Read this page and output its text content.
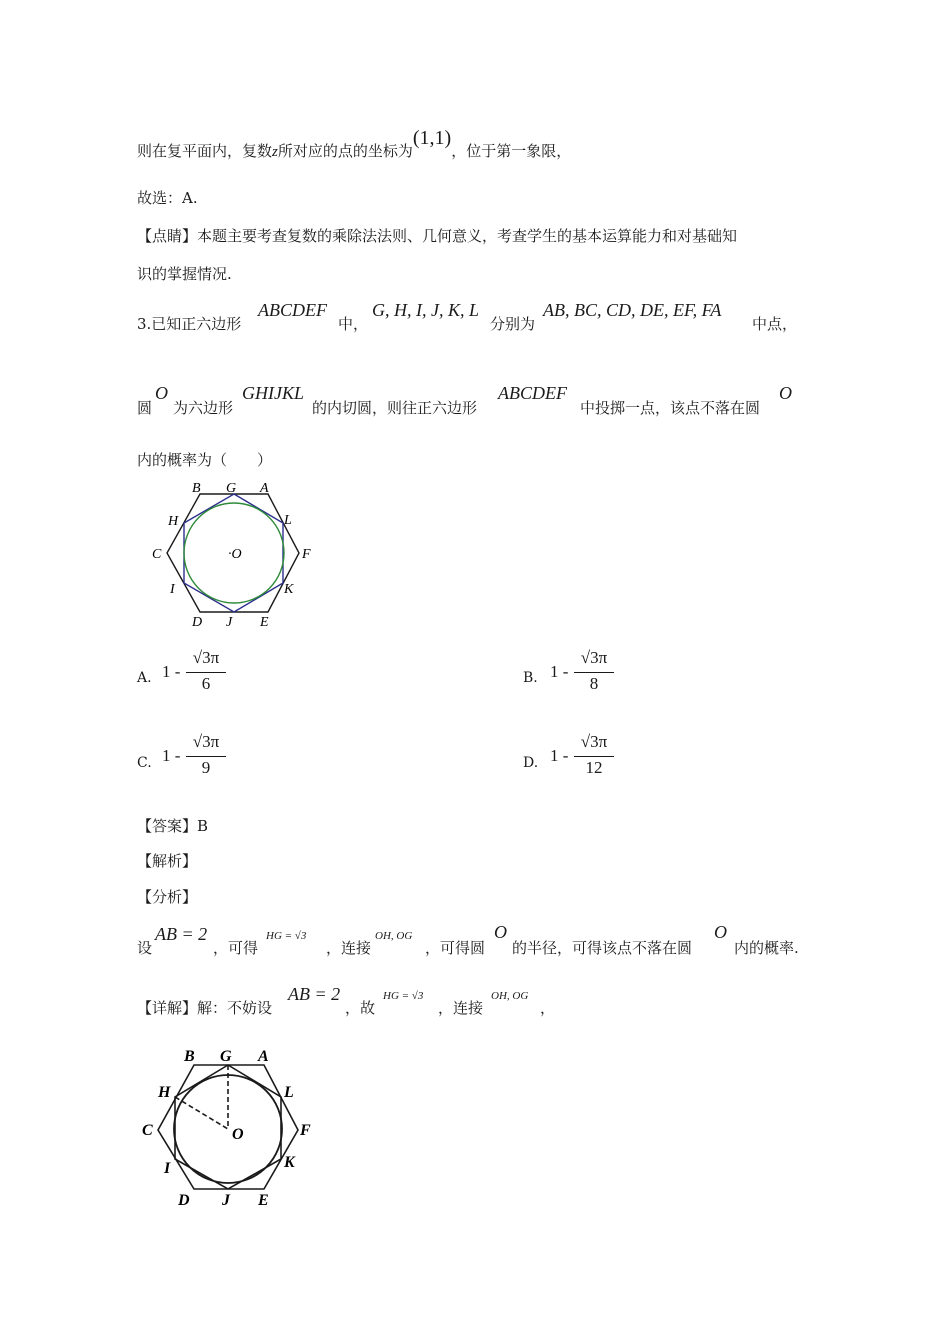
则在复平面内，复数z所对应的点的坐标为(1,1)，位于第一象限，
故选：A.
【点睛】本题主要考查复数的乘除法法则、几何意义，考查学生的基本运算能力和对基础知
识的掌握情况.
3.已知正六边形
ABCDEF
中，
G, H, I, J, K, L
分别为
AB, BC, CD, DE, EF, FA
中点，
圆
O
为六边形
GHIJKL
的内切圆，则往正六边形
ABCDEF
中投掷一点，该点不落在圆
O
内的概率为（　　）
B G A
H	L
C	F
·O
I	K
D J E
A. 1 -
√3π
6	B. 1 -
√3π
8
C. 1 -
√3π
9	D. 1 -
√3π
12
【答案】B
【解析】
【分析】
设
AB = 2
，可得
HG = √3
，连接
OH, OG
，可得圆
O
的半径，可得该点不落在圆
O
内的概率.
【详解】解：不妨设
AB = 2
，故
HG = √3
，连接
OH, OG
，
B G A
H	L
C	F
O
I	K
D J E
